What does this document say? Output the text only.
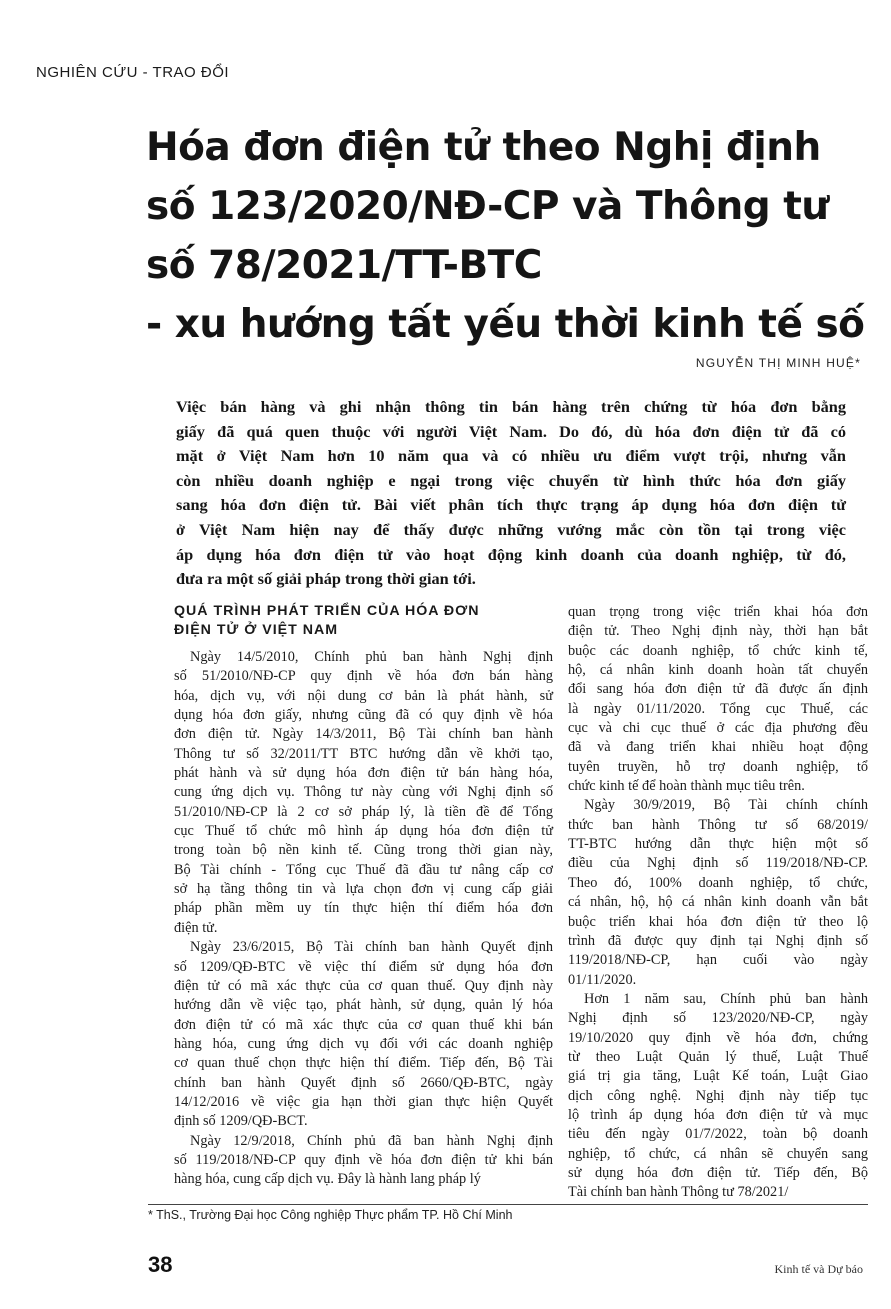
NGHIÊN CỨU - TRAO ĐỔI
Hóa đơn điện tử theo Nghị định
số 123/2020/NĐ-CP và Thông tư
số 78/2021/TT-BTC
- xu hướng tất yếu thời kinh tế số
NGUYỄN THỊ MINH HUỆ*
Việc bán hàng và ghi nhận thông tin bán hàng trên chứng từ hóa đơn bằng
giấy đã quá quen thuộc với người Việt Nam. Do đó, dù hóa đơn điện tử đã có
mặt ở Việt Nam hơn 10 năm qua và có nhiều ưu điểm vượt trội, nhưng vẫn
còn nhiều doanh nghiệp e ngại trong việc chuyển từ hình thức hóa đơn giấy
sang hóa đơn điện tử. Bài viết phân tích thực trạng áp dụng hóa đơn điện tử
ở Việt Nam hiện nay để thấy được những vướng mắc còn tồn tại trong việc
áp dụng hóa đơn điện tử vào hoạt động kinh doanh của doanh nghiệp, từ đó,
đưa ra một số giải pháp trong thời gian tới.
QUÁ TRÌNH PHÁT TRIỂN CỦA HÓA ĐƠN
ĐIỆN TỬ Ở VIỆT NAM
Ngày 14/5/2010, Chính phủ ban hành Nghị định
số 51/2010/NĐ-CP quy định về hóa đơn bán hàng
hóa, dịch vụ, với nội dung cơ bản là phát hành, sử
dụng hóa đơn giấy, nhưng cũng đã có quy định về hóa
đơn điện tử. Ngày 14/3/2011, Bộ Tài chính ban hành
Thông tư số 32/2011/TT BTC hướng dẫn về khởi tạo,
phát hành và sử dụng hóa đơn điện tử bán hàng hóa,
cung ứng dịch vụ. Thông tư này cùng với Nghị định số
51/2010/NĐ-CP là 2 cơ sở pháp lý, là tiền đề để Tổng
cục Thuế tổ chức mô hình áp dụng hóa đơn điện tử
trong toàn bộ nền kinh tế. Cũng trong thời gian này,
Bộ Tài chính - Tổng cục Thuế đã đầu tư nâng cấp cơ
sở hạ tầng thông tin và lựa chọn đơn vị cung cấp giải
pháp phần mềm uy tín thực hiện thí điểm hóa đơn
điện tử.
Ngày 23/6/2015, Bộ Tài chính ban hành Quyết định
số 1209/QĐ-BTC về việc thí điểm sử dụng hóa đơn
điện tử có mã xác thực của cơ quan thuế. Quy định này
hướng dẫn về việc tạo, phát hành, sử dụng, quản lý hóa
đơn điện tử có mã xác thực của cơ quan thuế khi bán
hàng hóa, cung ứng dịch vụ đối với các doanh nghiệp
cơ quan thuế chọn thực hiện thí điểm. Tiếp đến, Bộ Tài
chính ban hành Quyết định số 2660/QĐ-BTC, ngày
14/12/2016 về việc gia hạn thời gian thực hiện Quyết
định số 1209/QĐ-BCT.
Ngày 12/9/2018, Chính phủ đã ban hành Nghị định
số 119/2018/NĐ-CP quy định về hóa đơn điện tử khi bán
hàng hóa, cung cấp dịch vụ. Đây là hành lang pháp lý
quan trọng trong việc triển khai hóa đơn
điện tử. Theo Nghị định này, thời hạn bắt
buộc các doanh nghiệp, tổ chức kinh tế,
hộ, cá nhân kinh doanh hoàn tất chuyển
đổi sang hóa đơn điện tử đã được ấn định
là ngày 01/11/2020. Tổng cục Thuế, các
cục và chi cục thuế ở các địa phương đều
đã và đang triển khai nhiều hoạt động
tuyên truyền, hỗ trợ doanh nghiệp, tổ
chức kinh tế để hoàn thành mục tiêu trên.
Ngày 30/9/2019, Bộ Tài chính chính
thức ban hành Thông tư số 68/2019/
TT-BTC hướng dẫn thực hiện một số
điều của Nghị định số 119/2018/NĐ-CP.
Theo đó, 100% doanh nghiệp, tổ chức,
cá nhân, hộ, hộ cá nhân kinh doanh vẫn bắt
buộc triển khai hóa đơn điện tử theo lộ
trình đã được quy định tại Nghị định số
119/2018/NĐ-CP, hạn cuối vào ngày
01/11/2020.
Hơn 1 năm sau, Chính phủ ban hành
Nghị định số 123/2020/NĐ-CP, ngày
19/10/2020 quy định về hóa đơn, chứng
từ theo Luật Quản lý thuế, Luật Thuế
giá trị gia tăng, Luật Kế toán, Luật Giao
dịch công nghệ. Nghị định này tiếp tục
lộ trình áp dụng hóa đơn điện tử và mục
tiêu đến ngày 01/7/2022, toàn bộ doanh
nghiệp, tổ chức, cá nhân sẽ chuyển sang
sử dụng hóa đơn điện tử. Tiếp đến, Bộ
Tài chính ban hành Thông tư 78/2021/
* ThS., Trường Đại học Công nghiệp Thực phẩm TP. Hồ Chí Minh
38	Kinh tế và Dự báo
